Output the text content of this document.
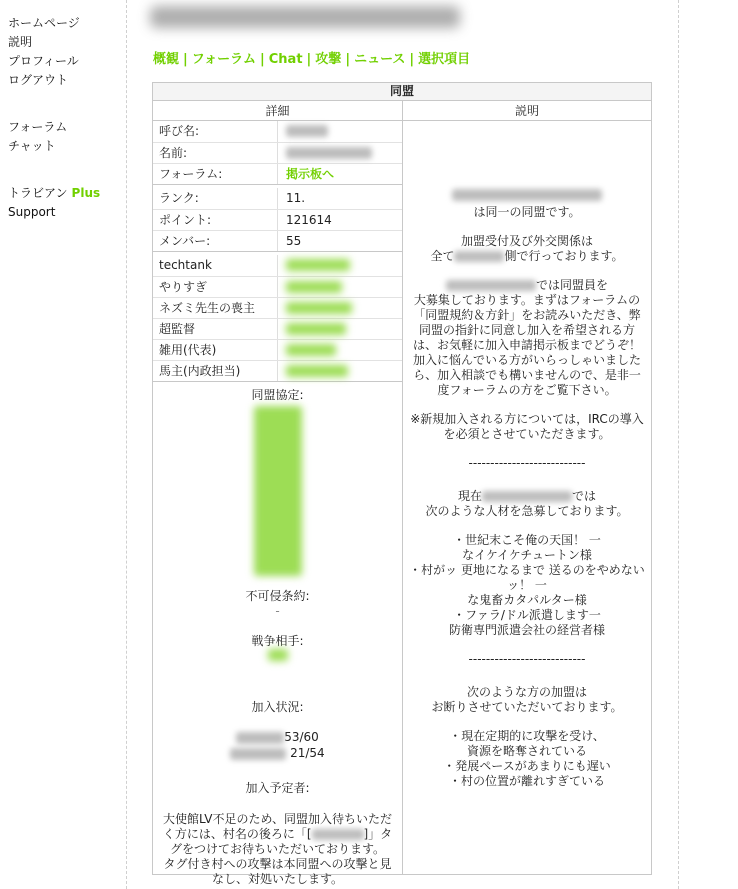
ホームページ
説明
プロフィール
ログアウト
フォーラム
チャット
トラビアン Plus
Support
概観 | フォーラム | Chat | 攻撃 | ニュース | 選択項目
同盟
詳細	説明
呼び名:
名前:
フォーラム:	掲示板へ
ランク:	11.
ポイント:	121614
メンバー:	55
techtank
やりすぎ
ネズミ先生の喪主
超監督
雑用(代表)
馬主(内政担当)
同盟協定:
不可侵条約:
-
戦争相手:
加入状況:
53/60
21/54
加入予定者:
大使館LV不足のため、同盟加入待ちいただく方には、村名の後ろに「[	]」タグをつけてお待ちいただいております。
タグ付き村への攻撃は本同盟への攻撃と見なし、対処いたします。

は同一の同盟です。

加盟受付及び外交関係は

全て	側で行っております。

では同盟員を

大募集しております。まずはフォーラムの「同盟規約＆方針」をお読みいただき、弊同盟の指針に同意し加入を希望される方は、お気軽に加入申請掲示板までどうぞ！

加入に悩んでいる方がいらっしゃいましたら、加入相談でも構いませんので、是非一度フォーラムの方をご覧下さい。

※新規加入される方については，IRCの導入を必須とさせていただきます。

---------------------------

現在	では

次のような人材を急募しております。

・世紀末こそ俺の天国！ 一

なイケイケチュートン様

・村がッ 更地になるまで 送るのをやめないッ！ 一

な鬼畜カタパルター様

・ファラ/ドル派遣します一

防衛専門派遣会社の経営者様

---------------------------

次のような方の加盟は

お断りさせていただいております。

・現在定期的に攻撃を受け、

資源を略奪されている

・発展ペースがあまりにも遅い

・村の位置が離れすぎている
